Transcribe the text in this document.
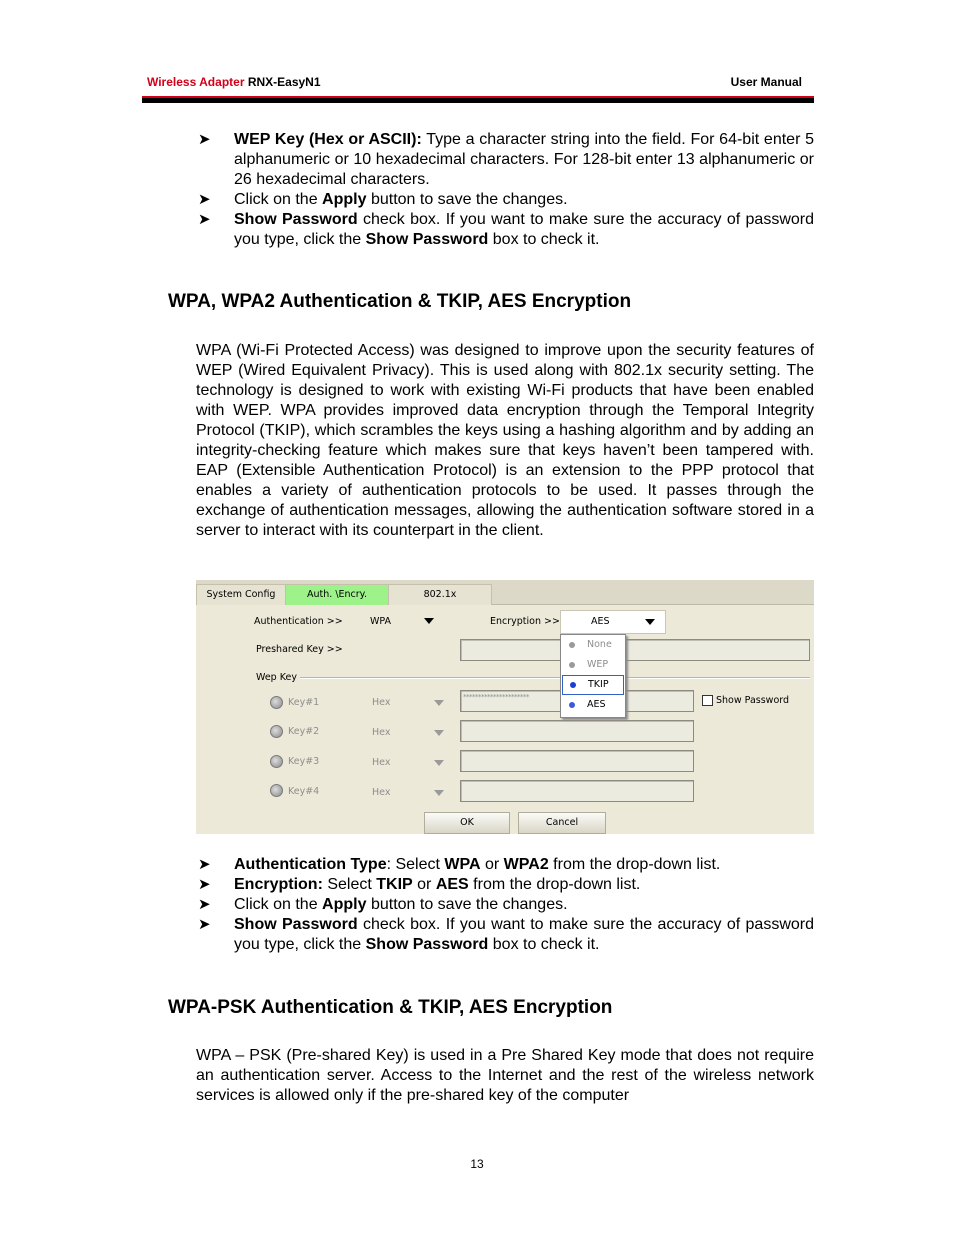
Wireless Adapter RNX-EasyN1	User Manual
➤ WEP Key (Hex or ASCII): Type a character string into the field. For 64-bit enter 5 alphanumeric or 10 hexadecimal characters. For 128-bit enter 13 alphanumeric or 26 hexadecimal characters.
➤ Click on the Apply button to save the changes.
➤ Show Password check box. If you want to make sure the accuracy of password you type, click the Show Password box to check it.
WPA, WPA2 Authentication & TKIP, AES Encryption

WPA (Wi-Fi Protected Access) was designed to improve upon the security features of WEP (Wired Equivalent Privacy). This is used along with 802.1x security setting. The technology is designed to work with existing Wi-Fi products that have been enabled with WEP. WPA provides improved data encryption through the Temporal Integrity Protocol (TKIP), which scrambles the keys using a hashing algorithm and by adding an integrity-checking feature which makes sure that keys haven’t been tampered with. EAP (Extensible Authentication Protocol) is an extension to the PPP protocol that enables a variety of authentication protocols to be used. It passes through the exchange of authentication messages, allowing the authentication software stored in a server to interact with its counterpart in the client.

System Config	Auth. \Encry.	802.1x
Authentication >>	WPA	Encryption >>	AES
Preshared Key >>
Wep Key
Key#1	Hex	**********************	Show Password
Key#2	Hex
Key#3	Hex
Key#4	Hex
OK	Cancel
None
WEP
TKIP
AES
➤ Authentication Type: Select WPA or WPA2 from the drop-down list.
➤ Encryption: Select TKIP or AES from the drop-down list.
➤ Click on the Apply button to save the changes.
➤ Show Password check box. If you want to make sure the accuracy of password you type, click the Show Password box to check it.
WPA-PSK Authentication & TKIP, AES Encryption

WPA – PSK (Pre-shared Key) is used in a Pre Shared Key mode that does not require an authentication server. Access to the Internet and the rest of the wireless network services is allowed only if the pre-shared key of the computer

13
